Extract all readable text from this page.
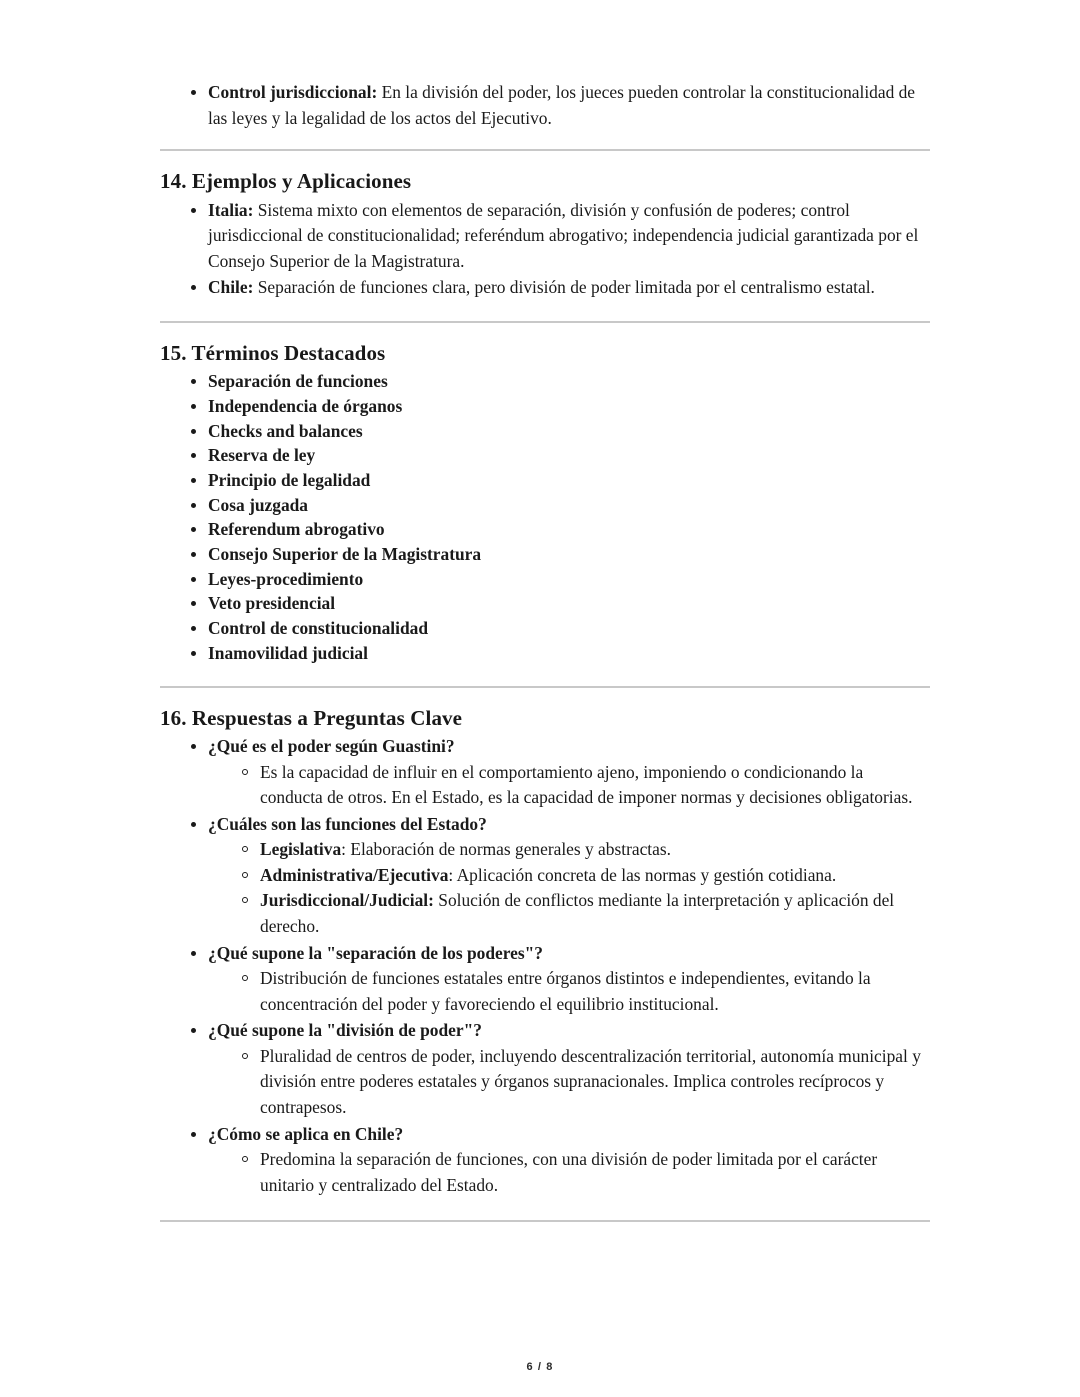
Control jurisdiccional: En la división del poder, los jueces pueden controlar la constitucionalidad de las leyes y la legalidad de los actos del Ejecutivo.
14. Ejemplos y Aplicaciones
Italia: Sistema mixto con elementos de separación, división y confusión de poderes; control jurisdiccional de constitucionalidad; referéndum abrogativo; independencia judicial garantizada por el Consejo Superior de la Magistratura.
Chile: Separación de funciones clara, pero división de poder limitada por el centralismo estatal.
15. Términos Destacados
Separación de funciones
Independencia de órganos
Checks and balances
Reserva de ley
Principio de legalidad
Cosa juzgada
Referendum abrogativo
Consejo Superior de la Magistratura
Leyes-procedimiento
Veto presidencial
Control de constitucionalidad
Inamovilidad judicial
16. Respuestas a Preguntas Clave
¿Qué es el poder según Guastini?
Es la capacidad de influir en el comportamiento ajeno, imponiendo o condicionando la conducta de otros. En el Estado, es la capacidad de imponer normas y decisiones obligatorias.
¿Cuáles son las funciones del Estado?
Legislativa: Elaboración de normas generales y abstractas.
Administrativa/Ejecutiva: Aplicación concreta de las normas y gestión cotidiana.
Jurisdiccional/Judicial: Solución de conflictos mediante la interpretación y aplicación del derecho.
¿Qué supone la "separación de los poderes"?
Distribución de funciones estatales entre órganos distintos e independientes, evitando la concentración del poder y favoreciendo el equilibrio institucional.
¿Qué supone la "división de poder"?
Pluralidad de centros de poder, incluyendo descentralización territorial, autonomía municipal y división entre poderes estatales y órganos supranacionales. Implica controles recíprocos y contrapesos.
¿Cómo se aplica en Chile?
Predomina la separación de funciones, con una división de poder limitada por el carácter unitario y centralizado del Estado.
6 / 8
